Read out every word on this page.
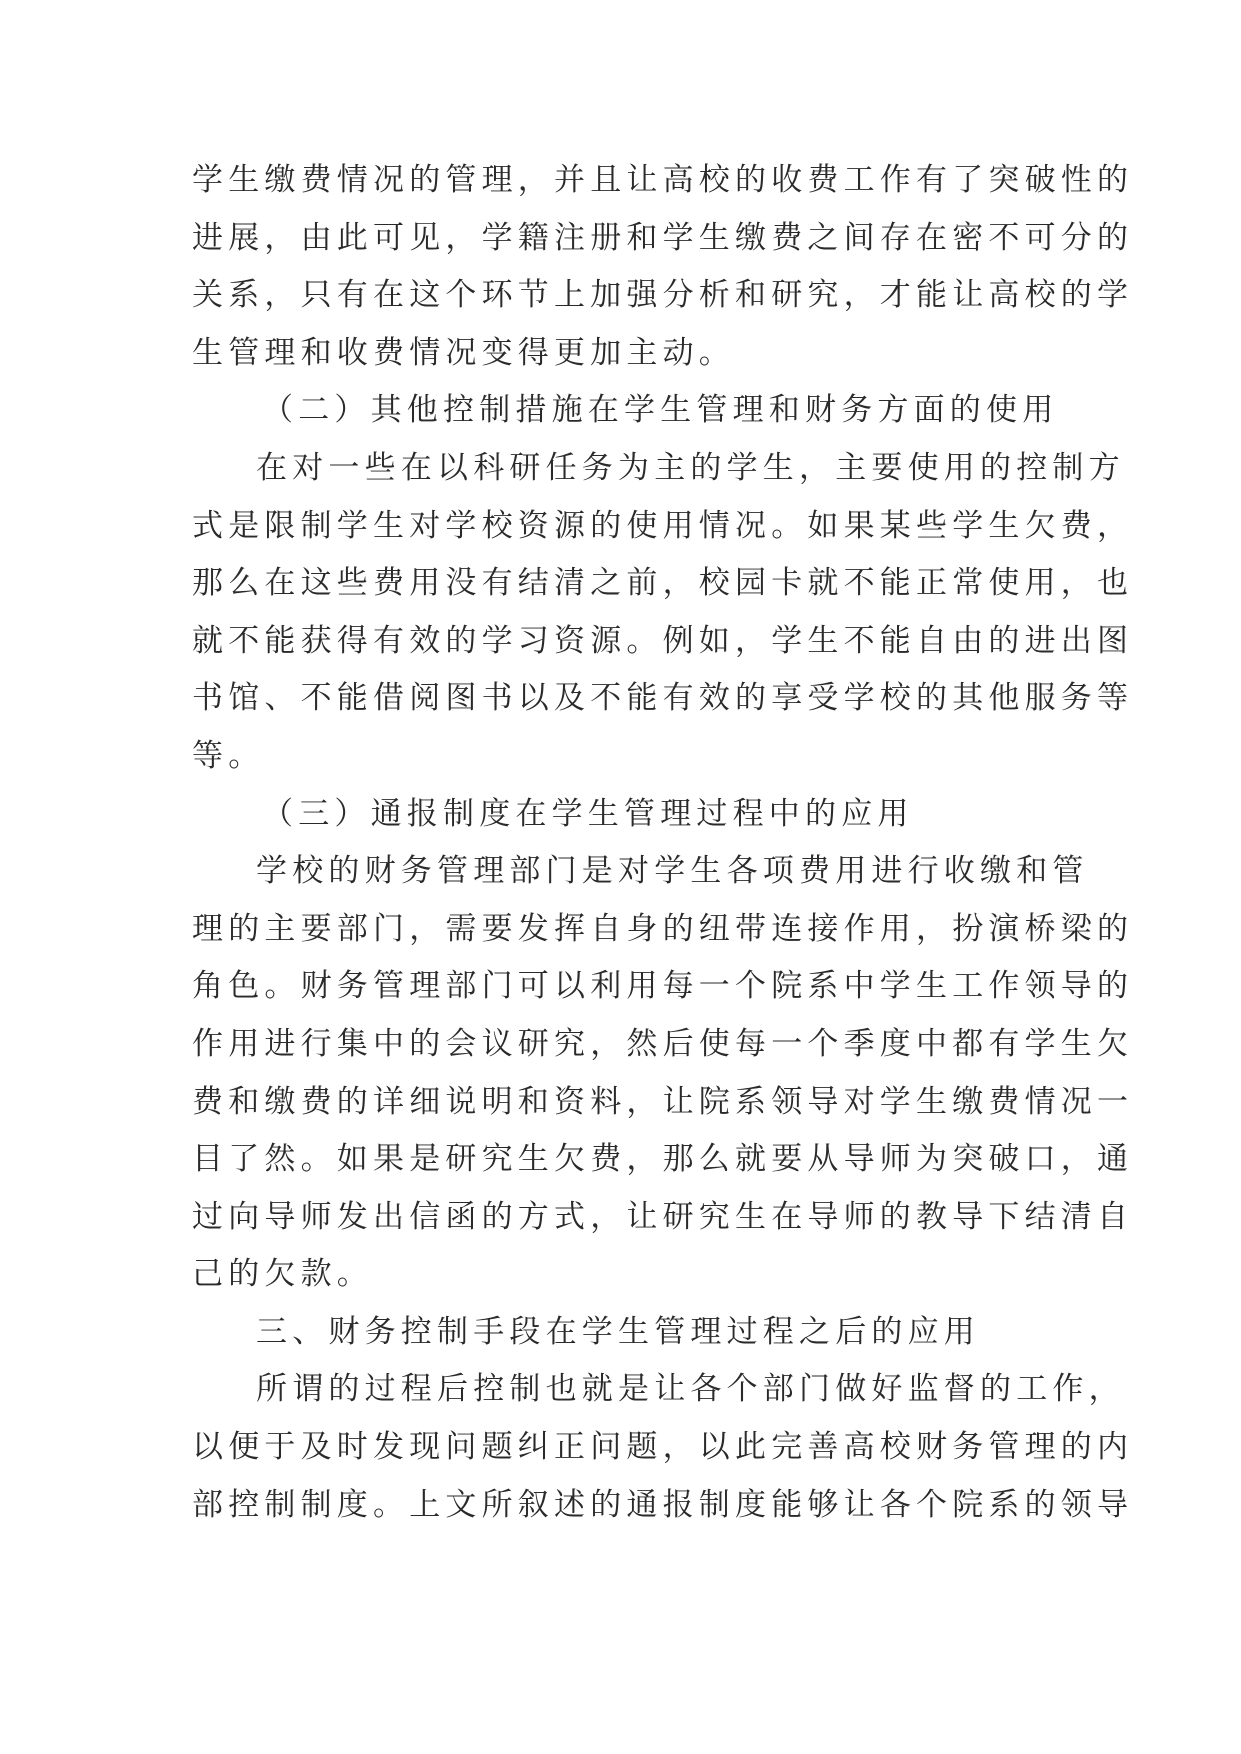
学生缴费情况的管理，并且让高校的收费工作有了突破性的
进展，由此可见，学籍注册和学生缴费之间存在密不可分的
关系，只有在这个环节上加强分析和研究，才能让高校的学
生管理和收费情况变得更加主动。
（二）其他控制措施在学生管理和财务方面的使用
在对一些在以科研任务为主的学生，主要使用的控制方
式是限制学生对学校资源的使用情况。如果某些学生欠费，
那么在这些费用没有结清之前，校园卡就不能正常使用，也
就不能获得有效的学习资源。例如，学生不能自由的进出图
书馆、不能借阅图书以及不能有效的享受学校的其他服务等
等。
（三）通报制度在学生管理过程中的应用
学校的财务管理部门是对学生各项费用进行收缴和管
理的主要部门，需要发挥自身的纽带连接作用，扮演桥梁的
角色。财务管理部门可以利用每一个院系中学生工作领导的
作用进行集中的会议研究，然后使每一个季度中都有学生欠
费和缴费的详细说明和资料，让院系领导对学生缴费情况一
目了然。如果是研究生欠费，那么就要从导师为突破口，通
过向导师发出信函的方式，让研究生在导师的教导下结清自
己的欠款。
三、财务控制手段在学生管理过程之后的应用
所谓的过程后控制也就是让各个部门做好监督的工作，
以便于及时发现问题纠正问题，以此完善高校财务管理的内
部控制制度。上文所叙述的通报制度能够让各个院系的领导
